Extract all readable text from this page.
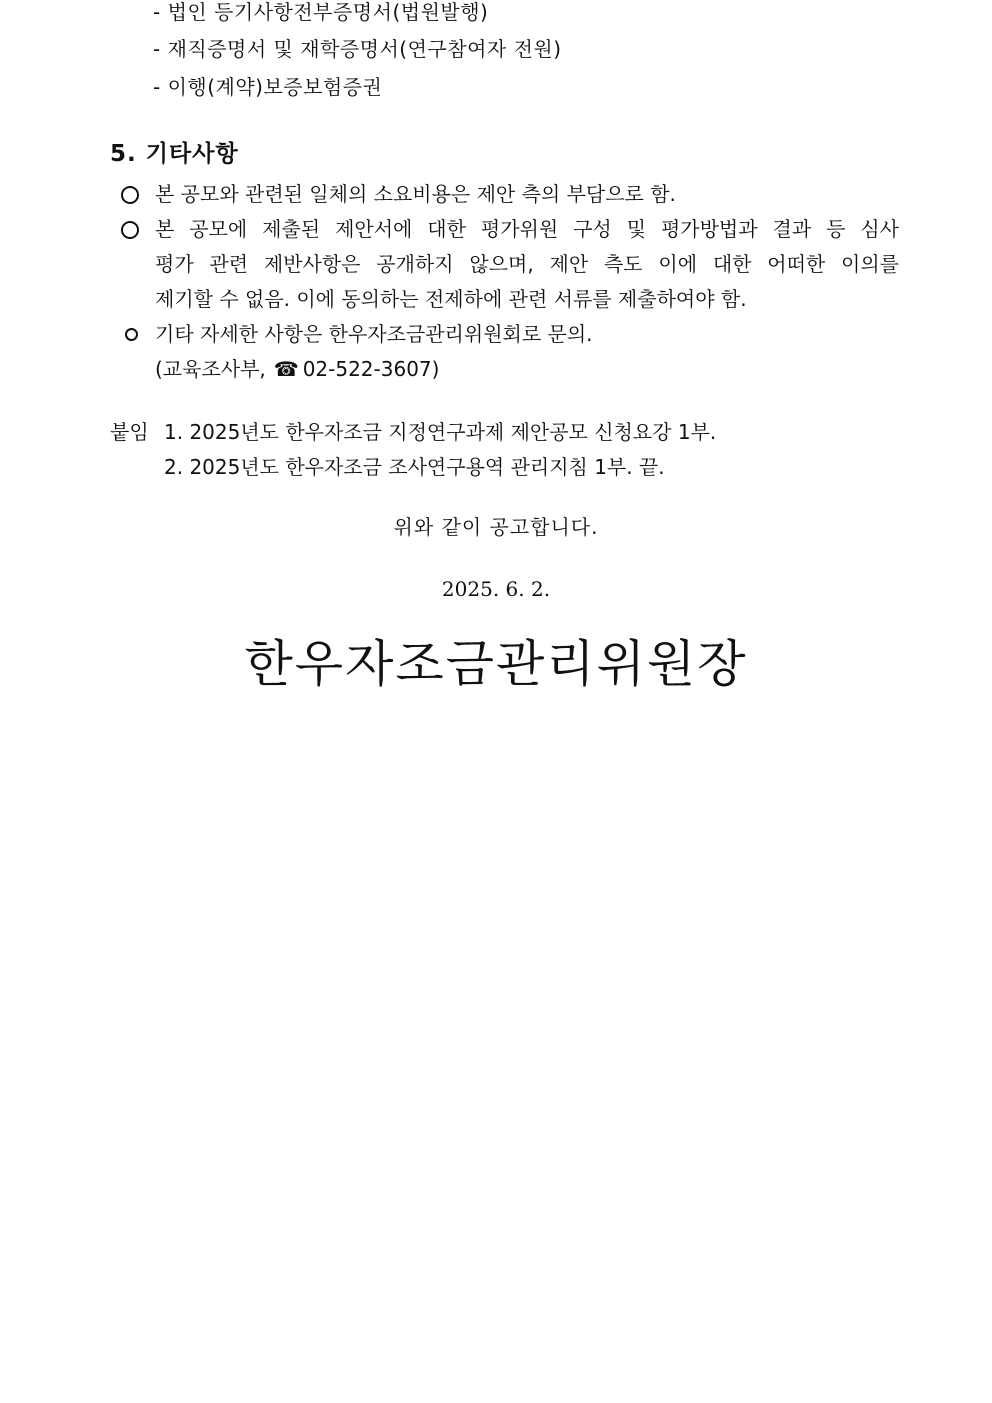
- 법인 등기사항전부증명서(법원발행)
- 재직증명서 및 재학증명서(연구참여자 전원)
- 이행(계약)보증보험증권
5. 기타사항
본 공모와 관련된 일체의 소요비용은 제안 측의 부담으로 함.
본 공모에 제출된 제안서에 대한 평가위원 구성 및 평가방법과 결과 등 심사
평가 관련 제반사항은 공개하지 않으며, 제안 측도 이에 대한 어떠한 이의를
제기할 수 없음. 이에 동의하는 전제하에 관련 서류를 제출하여야 함.
기타 자세한 사항은 한우자조금관리위원회로 문의.
(교육조사부, ☎ 02-522-3607)
붙임 1. 2025년도 한우자조금 지정연구과제 제안공모 신청요강 1부.
2. 2025년도 한우자조금 조사연구용역 관리지침 1부. 끝.
위와 같이 공고합니다.
2025. 6. 2.
한우자조금관리위원장
